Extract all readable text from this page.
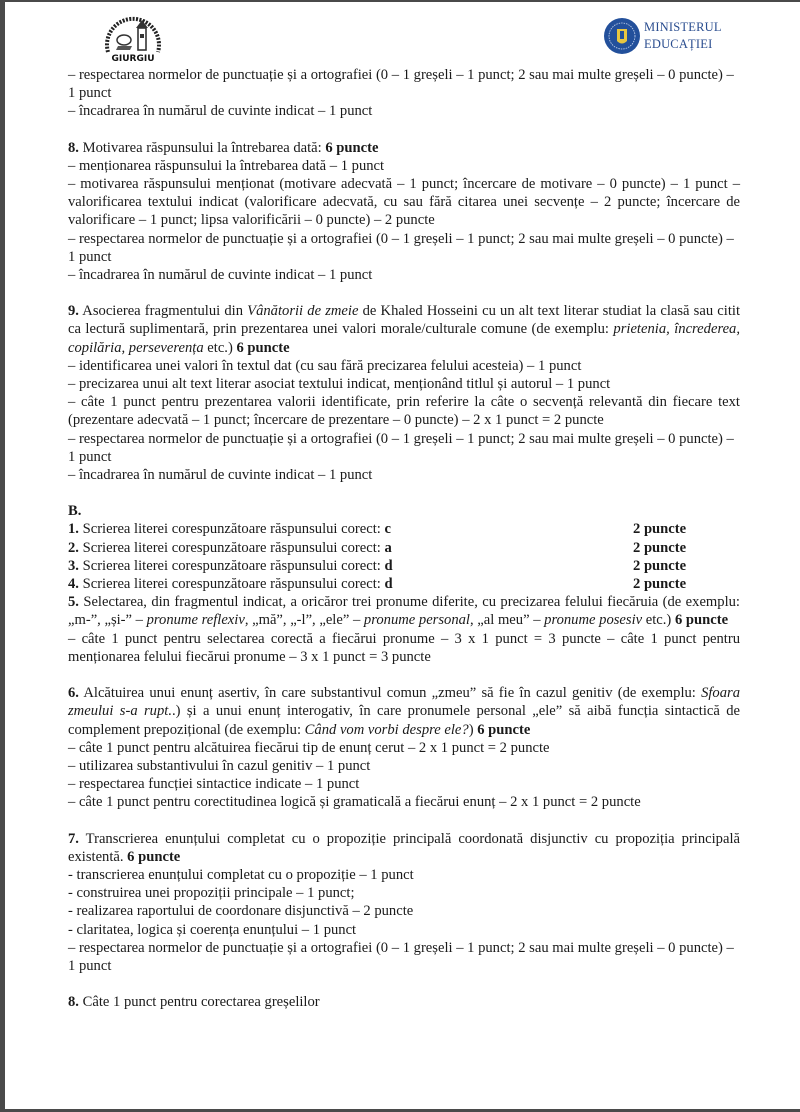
GIURGIU
MINISTERUL
EDUCAȚIEI

– respectarea normelor de punctuație și a ortografiei (0 – 1 greșeli – 1 punct; 2 sau mai multe greșeli – 0 puncte) – 1 punct

– încadrarea în numărul de cuvinte indicat – 1 punct

8. Motivarea răspunsului la întrebarea dată: 6 puncte

– menționarea răspunsului la întrebarea dată – 1 punct

– motivarea răspunsului menționat (motivare adecvată – 1 punct; încercare de motivare – 0 puncte) – 1 punct – valorificarea textului indicat (valorificare adecvată, cu sau fără citarea unei secvențe – 2 puncte; încercare de valorificare – 1 punct; lipsa valorificării – 0 puncte) – 2 puncte

– respectarea normelor de punctuație și a ortografiei (0 – 1 greșeli – 1 punct; 2 sau mai multe greșeli – 0 puncte) – 1 punct

– încadrarea în numărul de cuvinte indicat – 1 punct

9. Asocierea fragmentului din Vânătorii de zmeie de Khaled Hosseini cu un alt text literar studiat la clasă sau citit ca lectură suplimentară, prin prezentarea unei valori morale/culturale comune (de exemplu: prietenia, încrederea, copilăria, perseverența etc.) 6 puncte

– identificarea unei valori în textul dat (cu sau fără precizarea felului acesteia) – 1 punct

– precizarea unui alt text literar asociat textului indicat, menționând titlul și autorul – 1 punct

– câte 1 punct pentru prezentarea valorii identificate, prin referire la câte o secvență relevantă din fiecare text (prezentare adecvată – 1 punct; încercare de prezentare – 0 puncte) – 2 x 1 punct = 2 puncte

– respectarea normelor de punctuație și a ortografiei (0 – 1 greșeli – 1 punct; 2 sau mai multe greșeli – 0 puncte) – 1 punct

– încadrarea în numărul de cuvinte indicat – 1 punct

B.

1. Scrierea literei corespunzătoare răspunsului corect: c	2 puncte
2. Scrierea literei corespunzătoare răspunsului corect: a	2 puncte
3. Scrierea literei corespunzătoare răspunsului corect: d	2 puncte
4. Scrierea literei corespunzătoare răspunsului corect: d	2 puncte

5. Selectarea, din fragmentul indicat, a oricăror trei pronume diferite, cu precizarea felului fiecăruia (de exemplu: „m-”, „și-” – pronume reflexiv, „mă”, „-l”, „ele” – pronume personal, „al meu” – pronume posesiv etc.) 6 puncte

– câte 1 punct pentru selectarea corectă a fiecărui pronume – 3 x 1 punct = 3 puncte – câte 1 punct pentru menționarea felului fiecărui pronume – 3 x 1 punct = 3 puncte

6. Alcătuirea unui enunț asertiv, în care substantivul comun „zmeu” să fie în cazul genitiv (de exemplu: Sfoara zmeului s-a rupt..) și a unui enunț interogativ, în care pronumele personal „ele” să aibă funcția sintactică de complement prepozițional (de exemplu: Când vom vorbi despre ele?) 6 puncte

– câte 1 punct pentru alcătuirea fiecărui tip de enunț cerut – 2 x 1 punct = 2 puncte

– utilizarea substantivului în cazul genitiv – 1 punct

– respectarea funcției sintactice indicate – 1 punct

– câte 1 punct pentru corectitudinea logică și gramaticală a fiecărui enunț – 2 x 1 punct = 2 puncte

7. Transcrierea enunțului completat cu o propoziție principală coordonată disjunctiv cu propoziția principală existentă. 6 puncte

- transcrierea enunțului completat cu o propoziție – 1 punct

- construirea unei propoziții principale – 1 punct;

- realizarea raportului de coordonare disjunctivă – 2 puncte

- claritatea, logica și coerența enunțului – 1 punct

– respectarea normelor de punctuație și a ortografiei (0 – 1 greșeli – 1 punct; 2 sau mai multe greșeli – 0 puncte) – 1 punct

8. Câte 1 punct pentru corectarea greșelilor
